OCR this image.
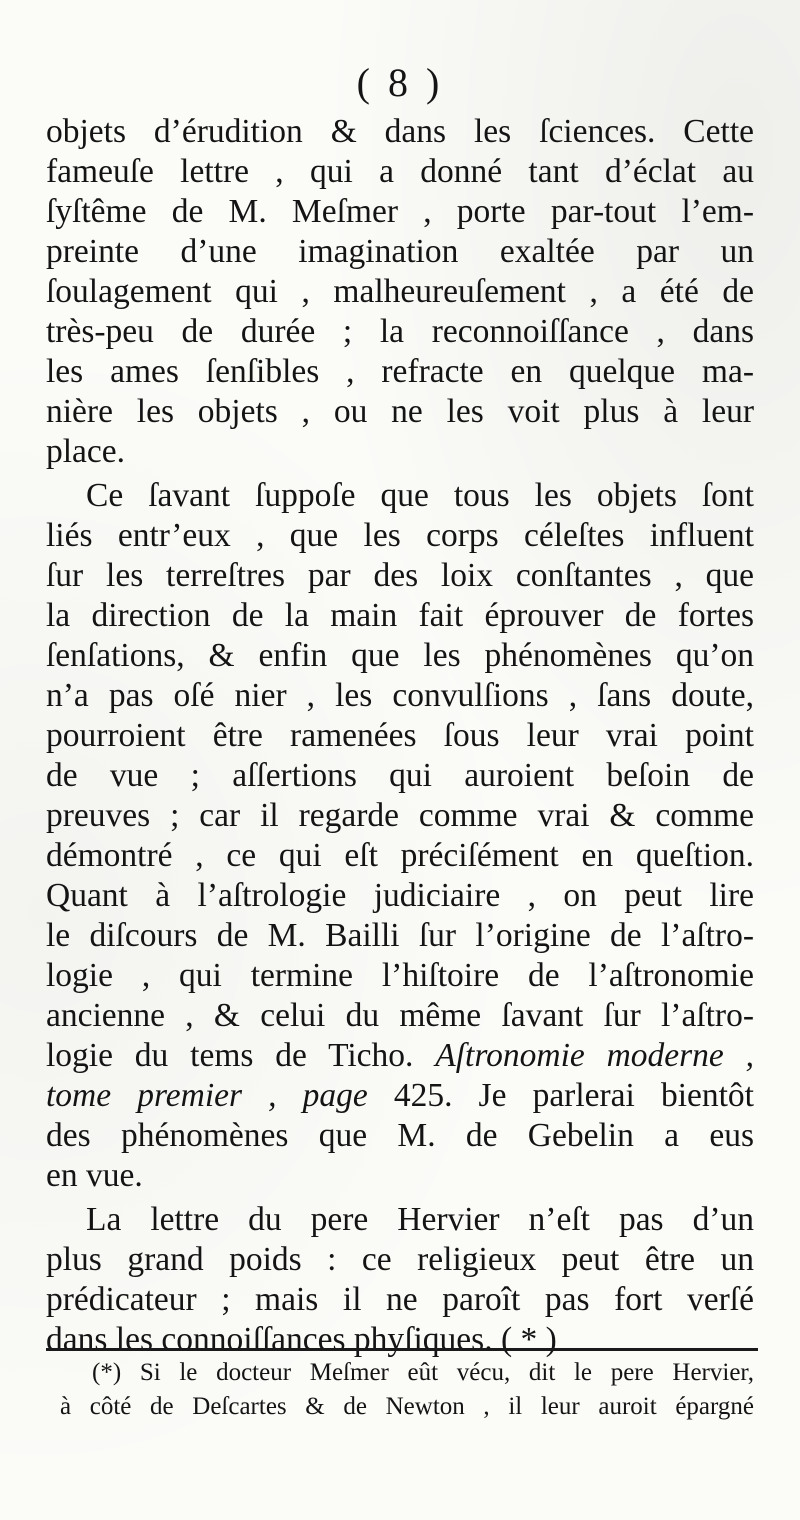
( 8 )
objets d’érudition & dans les ſciences. Cette
fameuſe lettre , qui a donné tant d’éclat au
ſyſtême de M. Meſmer , porte par-tout l’em-
preinte d’une imagination exaltée par un
ſoulagement qui , malheureuſement , a été de
très-peu de durée ; la reconnoiſſance , dans
les ames ſenſibles , refracte en quelque ma-
nière les objets , ou ne les voit plus à leur
place.
Ce ſavant ſuppoſe que tous les objets ſont
liés entr’eux , que les corps céleſtes influent
ſur les terreſtres par des loix conſtantes , que
la direction de la main fait éprouver de fortes
ſenſations, & enfin que les phénomènes qu’on
n’a pas oſé nier , les convulſions , ſans doute,
pourroient être ramenées ſous leur vrai point
de vue ; aſſertions qui auroient beſoin de
preuves ; car il regarde comme vrai & comme
démontré , ce qui eſt préciſément en queſtion.
Quant à l’aſtrologie judiciaire , on peut lire
le diſcours de M. Bailli ſur l’origine de l’aſtro-
logie , qui termine l’hiſtoire de l’aſtronomie
ancienne , & celui du même ſavant ſur l’aſtro-
logie du tems de Ticho. Aſtronomie moderne ,
tome premier , page 425. Je parlerai bientôt
des phénomènes que M. de Gebelin a eus
en vue.
La lettre du pere Hervier n’eſt pas d’un
plus grand poids : ce religieux peut être un
prédicateur ; mais il ne paroît pas fort verſé
dans les connoiſſances phyſiques. ( * )
(*) Si le docteur Meſmer eût vécu, dit le pere Hervier,
à côté de Deſcartes & de Newton , il leur auroit épargné
